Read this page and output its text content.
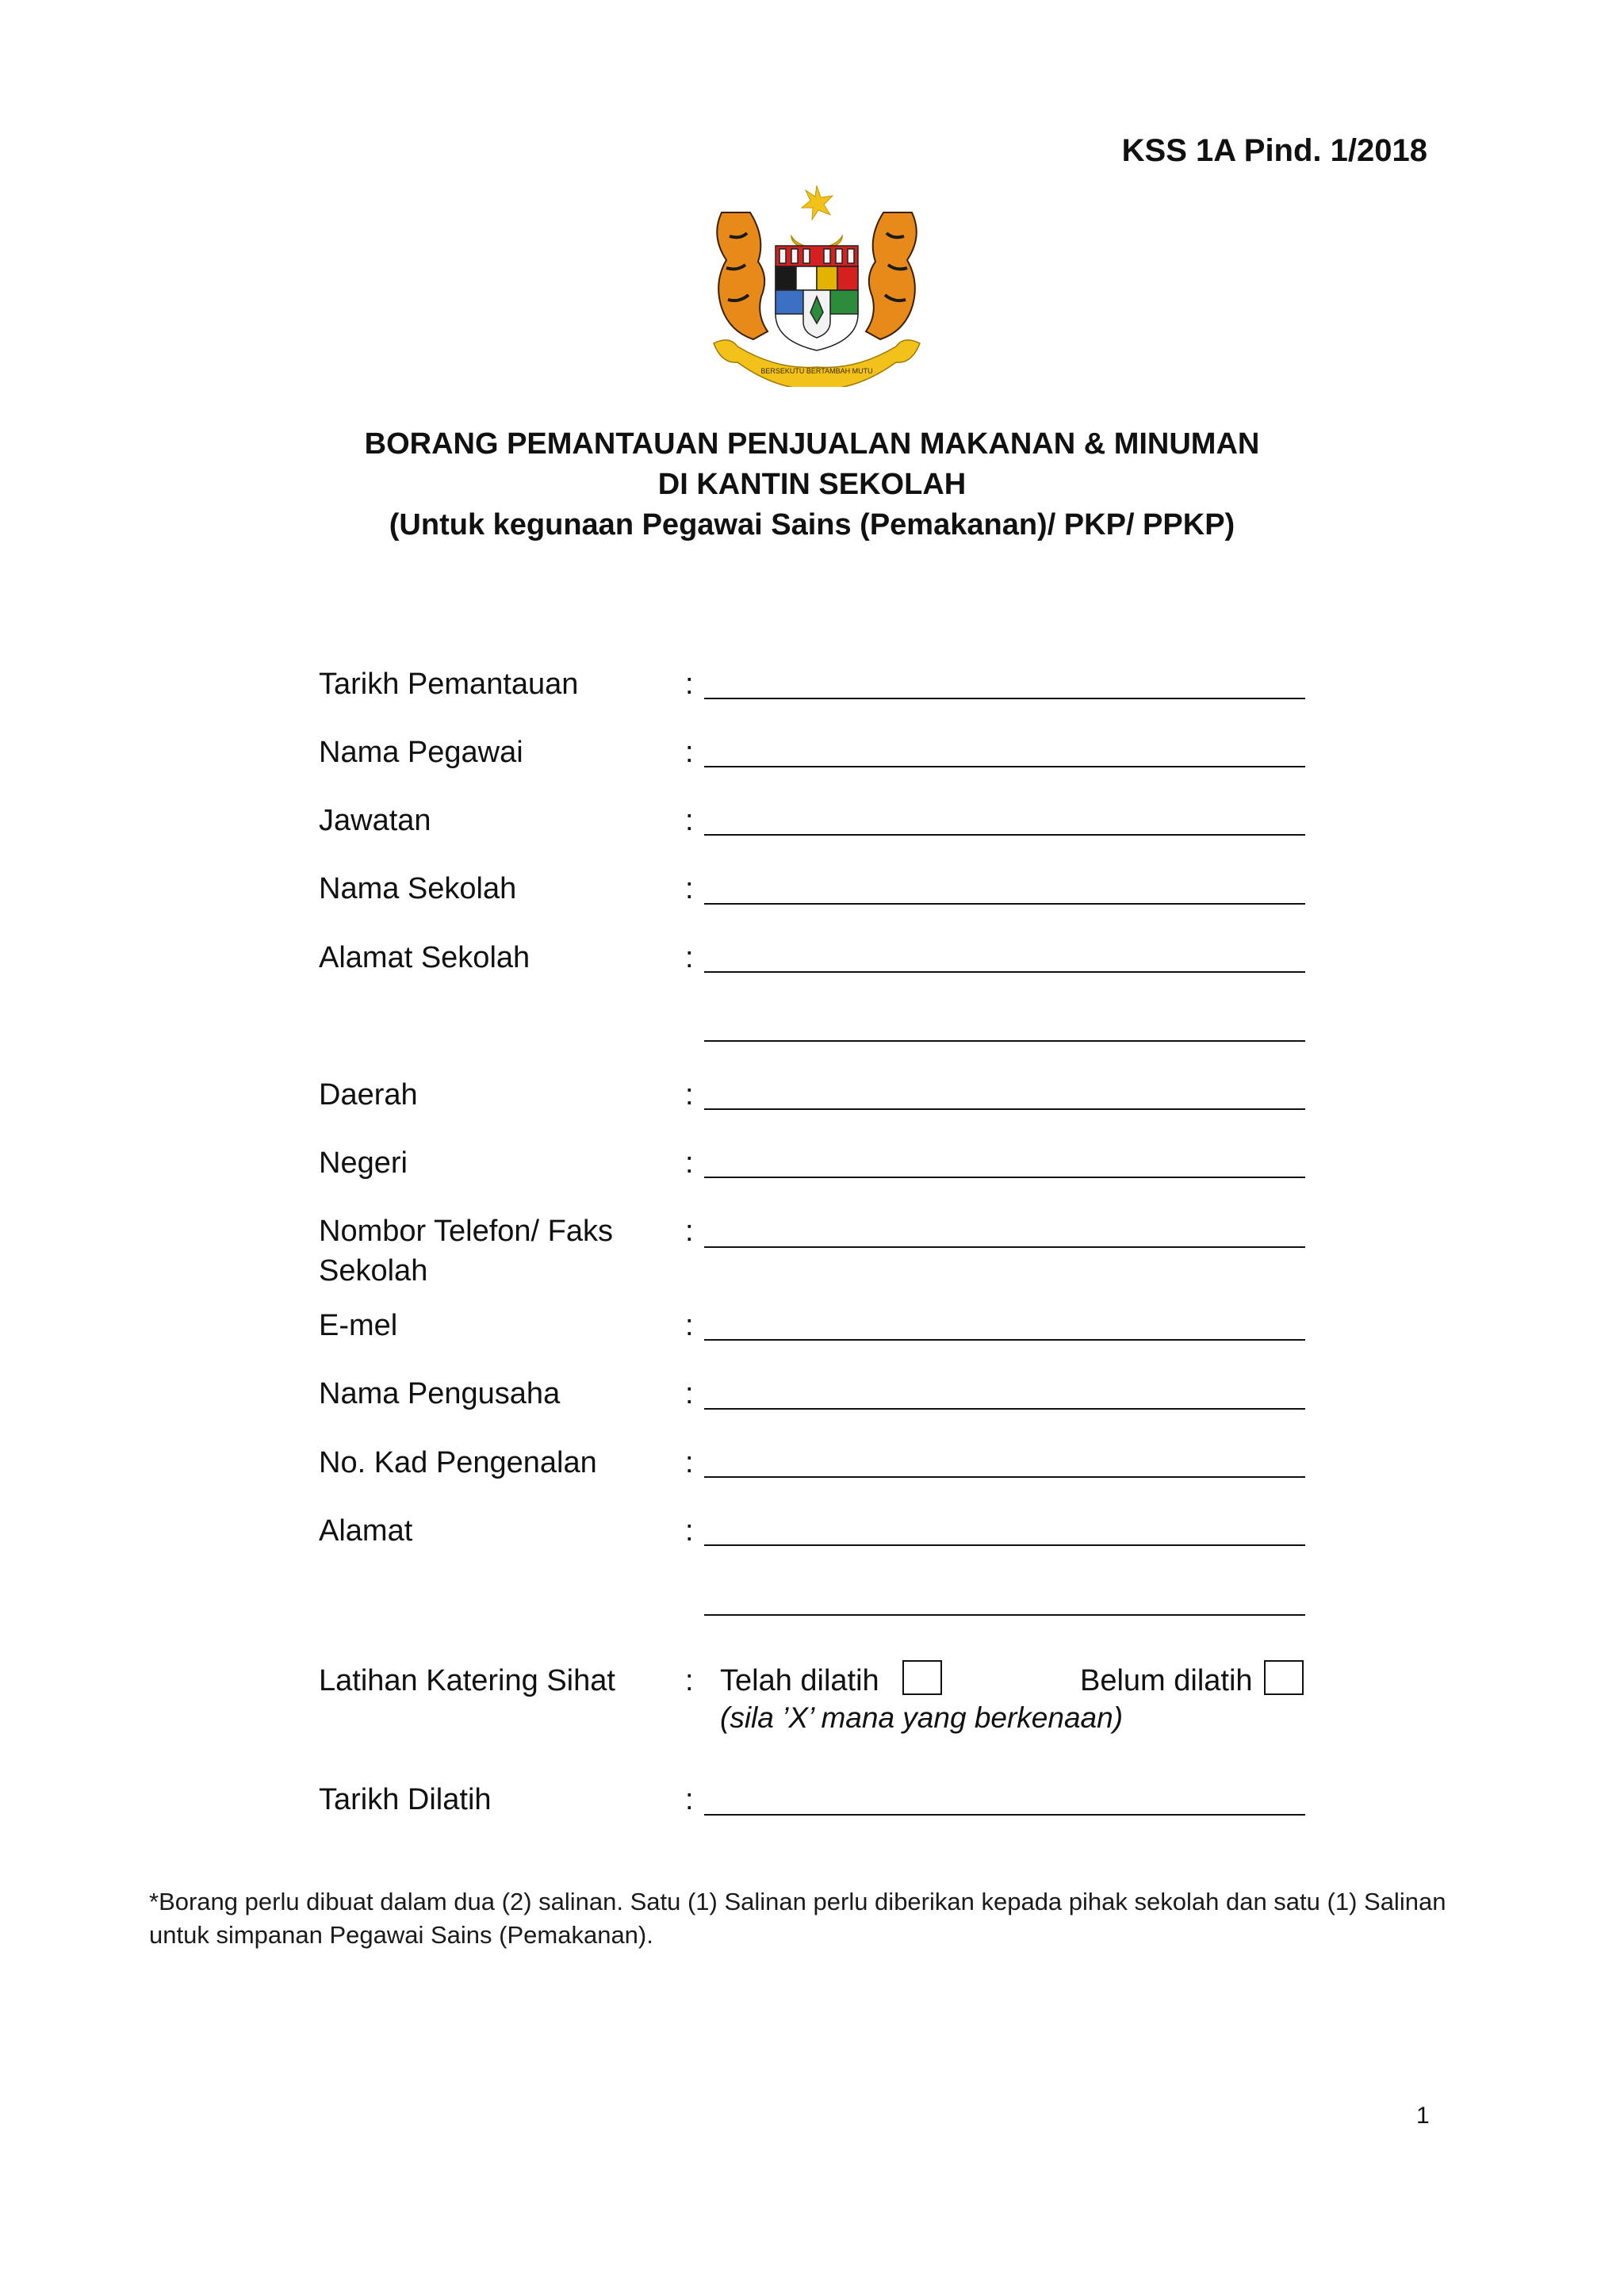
KSS 1A Pind. 1/2018
BERSEKUTU BERTAMBAH MUTU
BORANG PEMANTAUAN PENJUALAN MAKANAN & MINUMAN
DI KANTIN SEKOLAH
(Untuk kegunaan Pegawai Sains (Pemakanan)/ PKP/ PPKP)
Tarikh Pemantauan	:
Nama Pegawai	:
Jawatan	:
Nama Sekolah	:
Alamat Sekolah	:
Daerah	:
Negeri	:
Nombor Telefon/ Faks
Sekolah
:
E-mel	:
Nama Pengusaha	:
No. Kad Pengenalan	:
Alamat	:
Latihan Katering Sihat	: Telah dilatih	Belum dilatih
(sila ’X’ mana yang berkenaan)
Tarikh Dilatih	:
*Borang perlu dibuat dalam dua (2) salinan. Satu (1) Salinan perlu diberikan kepada pihak sekolah dan satu (1) Salinan untuk simpanan Pegawai Sains (Pemakanan).
1
